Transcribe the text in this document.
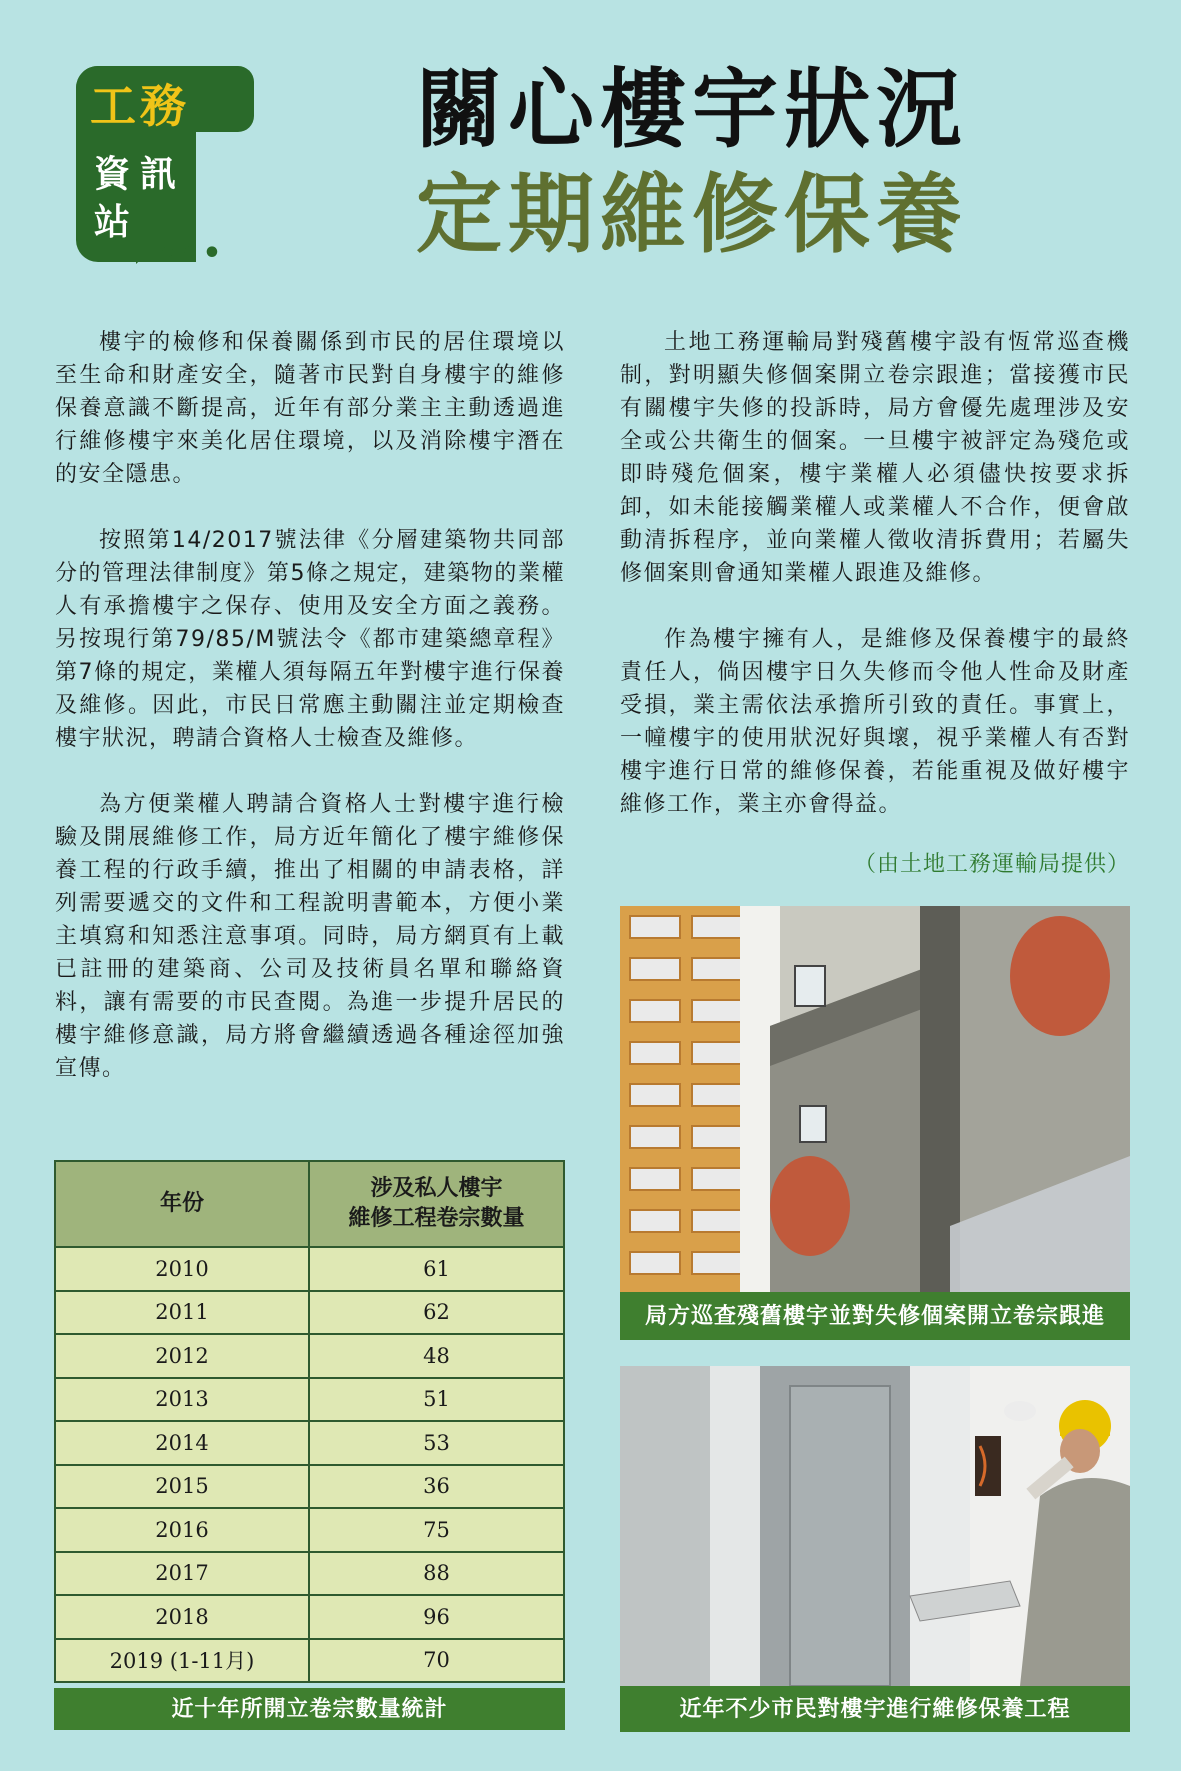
工務
資訊
站
•••
關心樓宇狀況
定期維修保養

樓宇的檢修和保養關係到市民的居住環境以至生命和財產安全，隨著市民對自身樓宇的維修保養意識不斷提高，近年有部分業主主動透過進行維修樓宇來美化居住環境，以及消除樓宇潛在的安全隱患。

按照第14/2017號法律《分層建築物共同部分的管理法律制度》第5條之規定，建築物的業權人有承擔樓宇之保存、使用及安全方面之義務。另按現行第79/85/M號法令《都市建築總章程》第7條的規定，業權人須每隔五年對樓宇進行保養及維修。因此，市民日常應主動關注並定期檢查樓宇狀況，聘請合資格人士檢查及維修。

為方便業權人聘請合資格人士對樓宇進行檢驗及開展維修工作，局方近年簡化了樓宇維修保養工程的行政手續，推出了相關的申請表格，詳列需要遞交的文件和工程說明書範本，方便小業主填寫和知悉注意事項。同時，局方網頁有上載已註冊的建築商、公司及技術員名單和聯絡資料，讓有需要的市民查閱。為進一步提升居民的樓宇維修意識，局方將會繼續透過各種途徑加強宣傳。

土地工務運輸局對殘舊樓宇設有恆常巡查機制，對明顯失修個案開立卷宗跟進；當接獲市民有關樓宇失修的投訴時，局方會優先處理涉及安全或公共衛生的個案。一旦樓宇被評定為殘危或即時殘危個案，樓宇業權人必須儘快按要求拆卸，如未能接觸業權人或業權人不合作，便會啟動清拆程序，並向業權人徵收清拆費用；若屬失修個案則會通知業權人跟進及維修。

作為樓宇擁有人，是維修及保養樓宇的最終責任人，倘因樓宇日久失修而令他人性命及財產受損，業主需依法承擔所引致的責任。事實上，一幢樓宇的使用狀況好與壞，視乎業權人有否對樓宇進行日常的維修保養，若能重視及做好樓宇維修工作，業主亦會得益。

（由土地工務運輸局提供）
年份	涉及私人樓宇
維修工程卷宗數量

2010	61
2011	62
2012	48
2013	51
2014	53
2015	36
2016	75
2017	88
2018	96
2019 (1-11月)	70
近十年所開立卷宗數量統計
局方巡查殘舊樓宇並對失修個案開立卷宗跟進
近年不少市民對樓宇進行維修保養工程
